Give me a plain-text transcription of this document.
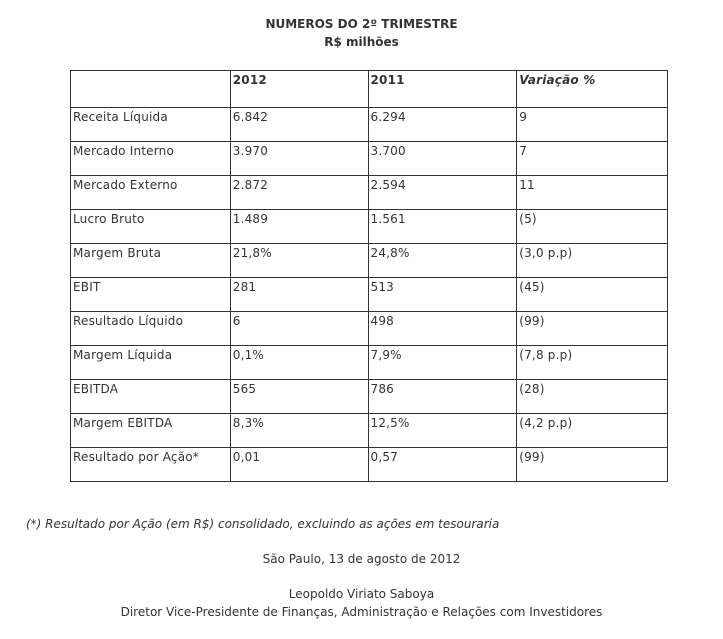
NUMEROS DO 2º TRIMESTRE
R$ milhões
	2012	2011	Variação %
Receita Líquida	6.842	6.294	9
Mercado Interno	3.970	3.700	7
Mercado Externo	2.872	2.594	11
Lucro Bruto	1.489	1.561	(5)
Margem Bruta	21,8%	24,8%	(3,0 p.p)
EBIT	281	513	(45)
Resultado Líquido	6	498	(99)
Margem Líquida	0,1%	7,9%	(7,8 p.p)
EBITDA	565	786	(28)
Margem EBITDA	8,3%	12,5%	(4,2 p.p)
Resultado por Ação*	0,01	0,57	(99)
(*) Resultado por Ação (em R$) consolidado, excluindo as ações em tesouraria
São Paulo, 13 de agosto de 2012
Leopoldo Viriato Saboya
Diretor Vice-Presidente de Finanças, Administração e Relações com Investidores
